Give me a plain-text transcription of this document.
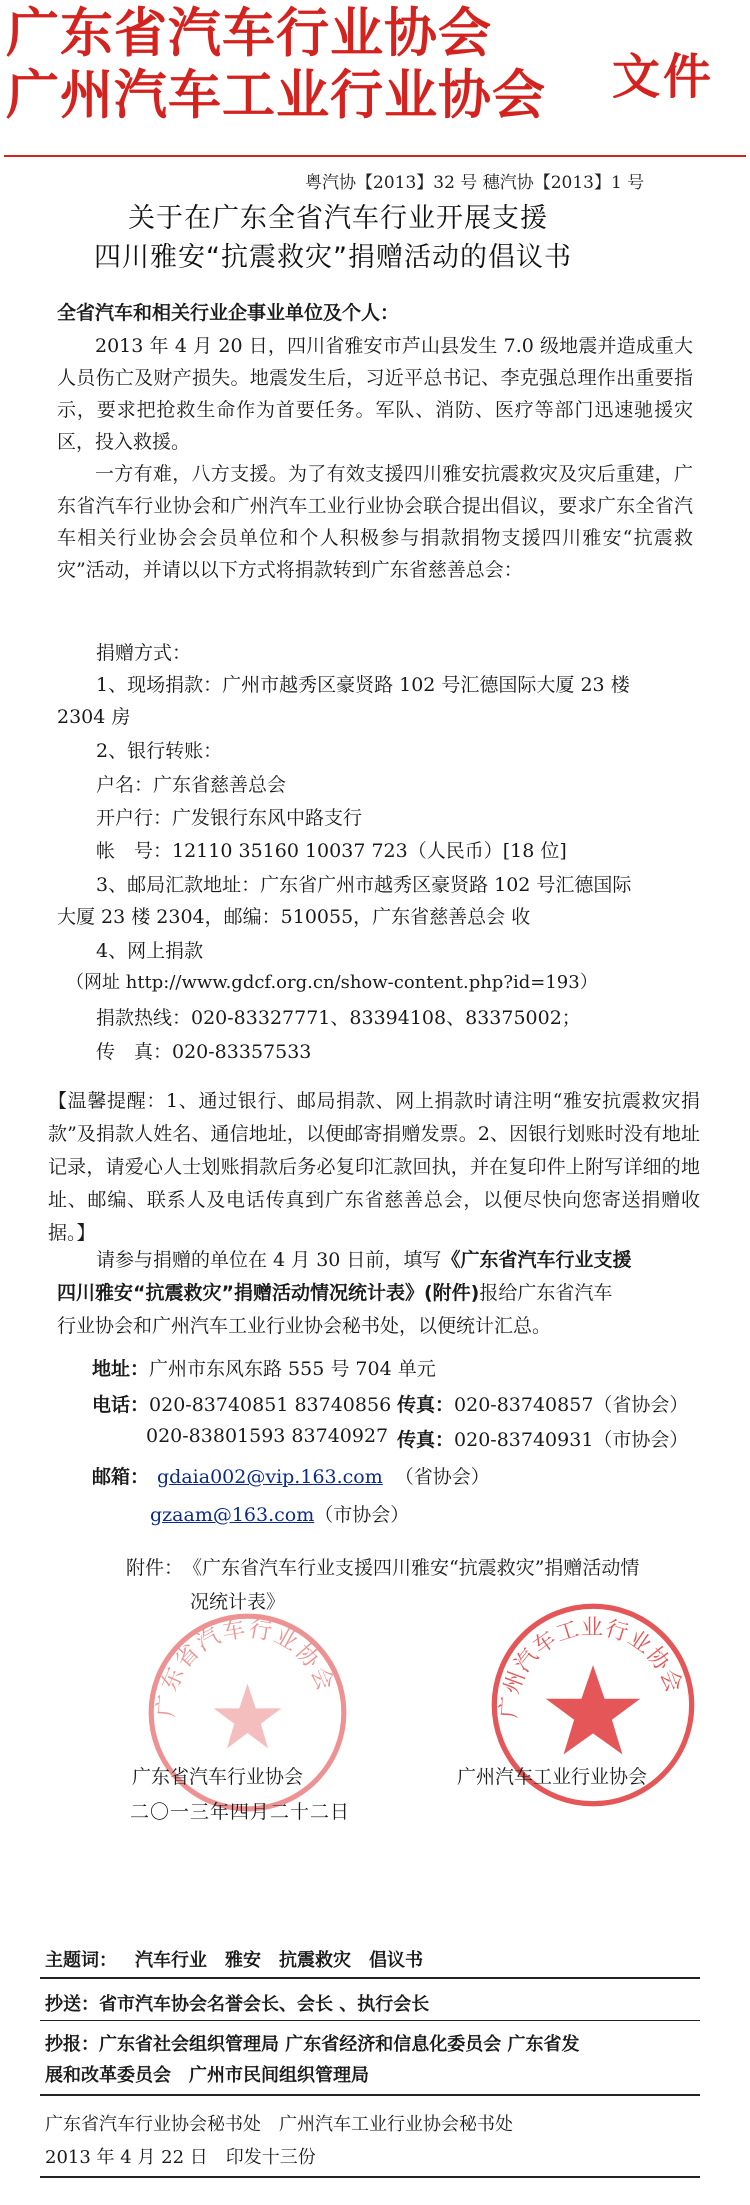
广东省汽车行业协会
广州汽车工业行业协会 文件
粤汽协【2013】32 号 穗汽协【2013】1 号
关于在广东全省汽车行业开展支援
四川雅安“抗震救灾”捐赠活动的倡议书
全省汽车和相关行业企事业单位及个人：
2013 年 4 月 20 日，四川省雅安市芦山县发生 7.0 级地震并造成重大人员伤亡及财产损失。地震发生后，习近平总书记、李克强总理作出重要指示，要求把抢救生命作为首要任务。军队、消防、医疗等部门迅速驰援灾区，投入救援。
一方有难，八方支援。为了有效支援四川雅安抗震救灾及灾后重建，广东省汽车行业协会和广州汽车工业行业协会联合提出倡议，要求广东全省汽车相关行业协会会员单位和个人积极参与捐款捐物支援四川雅安“抗震救灾”活动，并请以以下方式将捐款转到广东省慈善总会：
捐赠方式：
1、现场捐款：广州市越秀区豪贤路 102 号汇德国际大厦 23 楼
2304 房
2、银行转账：
户名：广东省慈善总会
开户行：广发银行东风中路支行
帐　号：12110 35160 10037 723（人民币）[18 位]
3、邮局汇款地址：广东省广州市越秀区豪贤路 102 号汇德国际
大厦 23 楼 2304，邮编：510055，广东省慈善总会 收
4、网上捐款
（网址 http://www.gdcf.org.cn/show-content.php?id=193）
捐款热线：020-83327771、83394108、83375002；
传　真：020-83357533
【温馨提醒：1、通过银行、邮局捐款、网上捐款时请注明“雅安抗震救灾捐款”及捐款人姓名、通信地址，以便邮寄捐赠发票。2、因银行划账时没有地址记录，请爱心人士划账捐款后务必复印汇款回执，并在复印件上附写详细的地址、邮编、联系人及电话传真到广东省慈善总会，以便尽快向您寄送捐赠收据。】
请参与捐赠的单位在 4 月 30 日前，填写《广东省汽车行业支援
四川雅安“抗震救灾”捐赠活动情况统计表》(附件)报给广东省汽车
行业协会和广州汽车工业行业协会秘书处，以便统计汇总。
地址：广州市东风东路 555 号 704 单元
电话：020-83740851 83740856 传真：020-83740857（省协会）
020-83801593 83740927 传真：020-83740931（市协会）
邮箱： gdaia002@vip.163.com （省协会）
gzaam@163.com（市协会）
附件： 《广东省汽车行业支援四川雅安“抗震救灾”捐赠活动情
况统计表》
广东省汽车行业协会
广州汽车工业行业协会
广东省汽车行业协会	广州汽车工业行业协会
二〇一三年四月二十二日
主题词： 汽车行业　雅安　抗震救灾　倡议书
抄送：省市汽车协会名誉会长、会长 、执行会长
抄报：广东省社会组织管理局 广东省经济和信息化委员会 广东省发
展和改革委员会　广州市民间组织管理局
广东省汽车行业协会秘书处　广州汽车工业行业协会秘书处
2013 年 4 月 22 日　印发十三份
